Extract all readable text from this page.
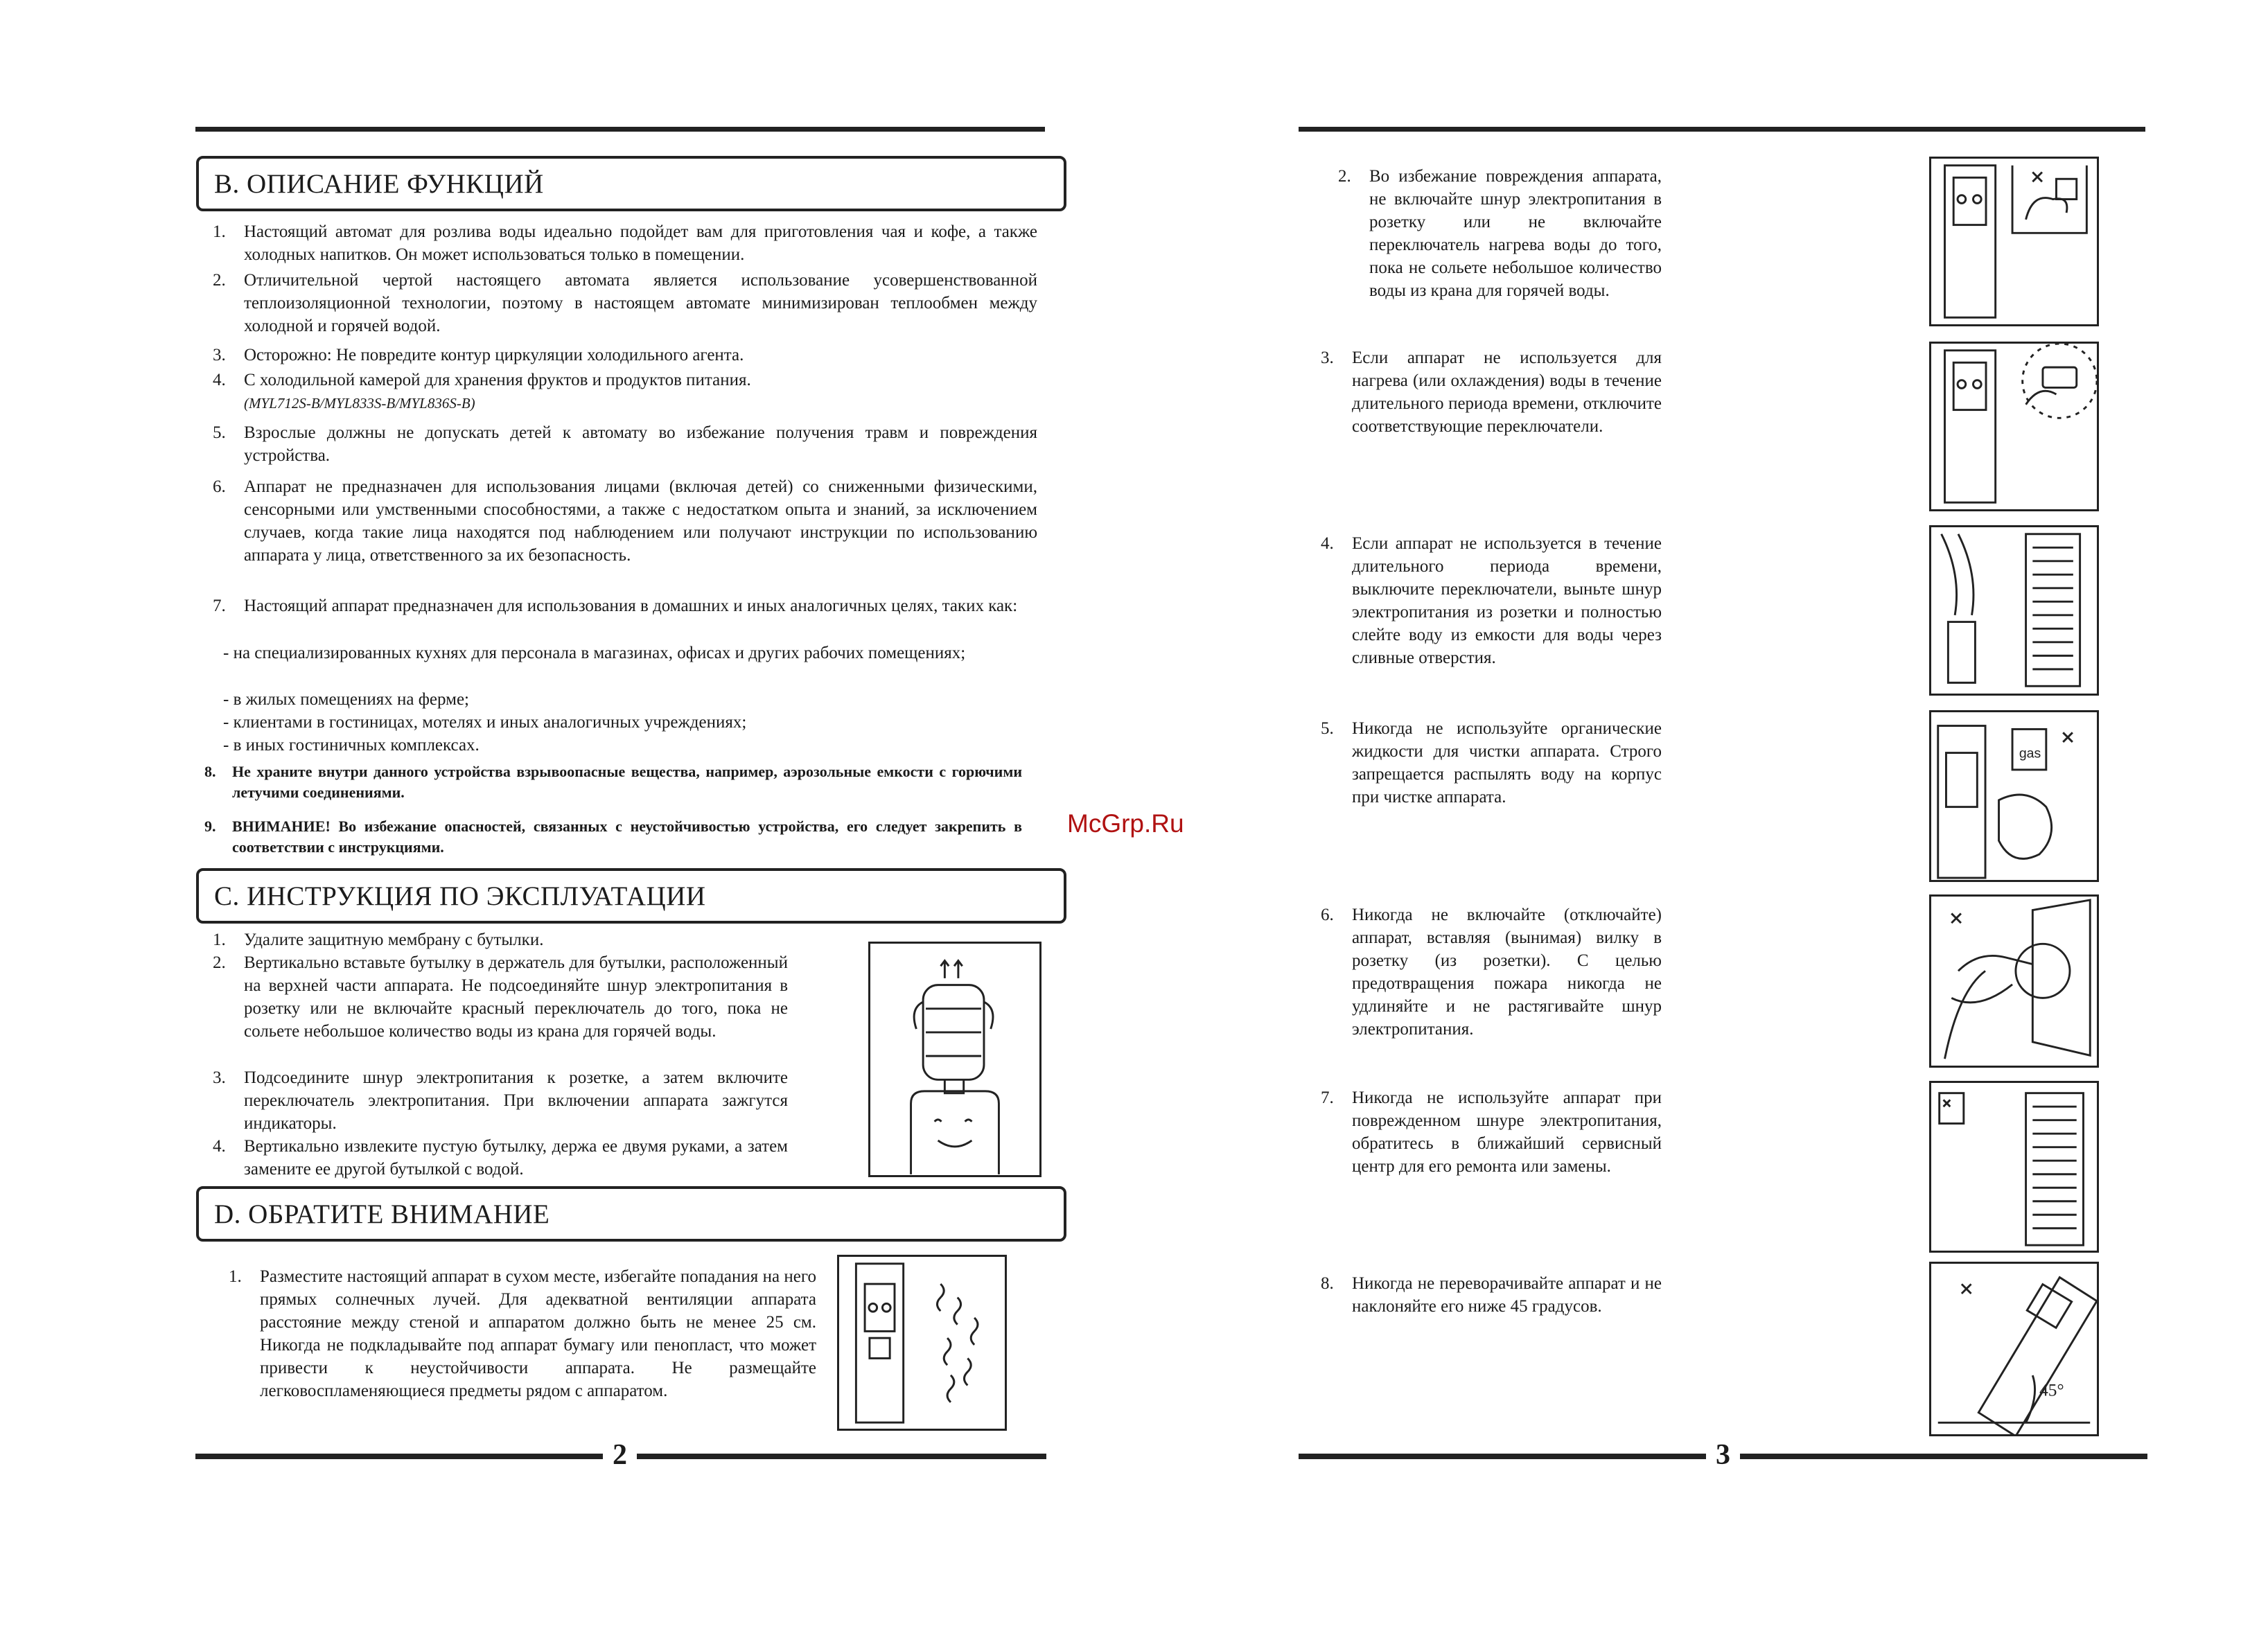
B. ОПИСАНИЕ ФУНКЦИЙ
1. Настоящий автомат для розлива воды идеально подойдет вам для приготовления чая и кофе, а также холодных напитков. Он может использоваться только в помещении.
2. Отличительной чертой настоящего автомата является использование усовершенствованной теплоизоляционной технологии, поэтому в настоящем автомате минимизирован теплообмен между холодной и горячей водой.
3. Осторожно: Не повредите контур циркуляции холодильного агента.
4. С холодильной камерой для хранения фруктов и продуктов питания.
(MYL712S-B/MYL833S-B/MYL836S-B)
5. Взрослые должны не допускать детей к автомату во избежание получения травм и повреждения устройства.
6. Аппарат не предназначен для использования лицами (включая детей) со сниженными физическими, сенсорными или умственными способностями, а также с недостатком опыта и знаний, за исключением случаев, когда такие лица находятся под наблюдением или получают инструкции по использованию аппарата у лица, ответственного за их безопасность.
7. Настоящий аппарат предназначен для использования в домашних и иных аналогичных целях, таких как:
- на специализированных кухнях для персонала в магазинах, офисах и других рабочих помещениях;
- в жилых помещениях на ферме;
- клиентами в гостиницах, мотелях и иных аналогичных учреждениях;
- в иных гостиничных комплексах.
8. Не храните внутри данного устройства взрывоопасные вещества, например, аэрозольные емкости с горючими летучими соединениями.
9. ВНИМАНИЕ! Во избежание опасностей, связанных с неустойчивостью устройства, его следует закрепить в соответствии с инструкциями.
C. ИНСТРУКЦИЯ ПО ЭКСПЛУАТАЦИИ
1. Удалите защитную мембрану с бутылки.
2. Вертикально вставьте бутылку в держатель для бутылки, расположенный на верхней части аппарата. Не подсоединяйте шнур электропитания в розетку или не включайте красный переключатель до того, пока не сольете небольшое количество воды из крана для горячей воды.
3. Подсоедините шнур электропитания к розетке, а затем включите переключатель электропитания. При включении аппарата зажгутся индикаторы.
4. Вертикально извлеките пустую бутылку, держа ее двумя руками, а затем замените ее другой бутылкой с водой.
D. ОБРАТИТЕ ВНИМАНИЕ
1. Разместите настоящий аппарат в сухом месте, избегайте попадания на него прямых солнечных лучей. Для адекватной вентиляции аппарата расстояние между стеной и аппаратом должно быть не менее 25 см. Никогда не подкладывайте под аппарат бумагу или пенопласт, что может привести к неустойчивости аппарата. Не размещайте легковоспламеняющиеся предметы рядом с аппаратом.
2
McGrp.Ru
2. Во избежание повреждения аппарата, не включайте шнур электропитания в розетку или не включайте переключатель нагрева воды до того, пока не сольете небольшое количество воды из крана для горячей воды.
3. Если аппарат не используется для нагрева (или охлаждения) воды в течение длительного периода времени, отключите соответствующие переключатели.
4. Если аппарат не используется в течение длительного периода времени, выключите переключатели, выньте шнур электропитания из розетки и полностью слейте воду из емкости для воды через сливные отверстия.
5. Никогда не используйте органические жидкости для чистки аппарата. Строго запрещается распылять воду на корпус при чистке аппарата.
gas
6. Никогда не включайте (отключайте) аппарат, вставляя (вынимая) вилку в розетку (из розетки). С целью предотвращения пожара никогда не удлиняйте и не растягивайте шнур электропитания.
7. Никогда не используйте аппарат при поврежденном шнуре электропитания, обратитесь в ближайший сервисный центр для его ремонта или замены.
8. Никогда не переворачивайте аппарат и не наклоняйте его ниже 45 градусов.
45°
3
